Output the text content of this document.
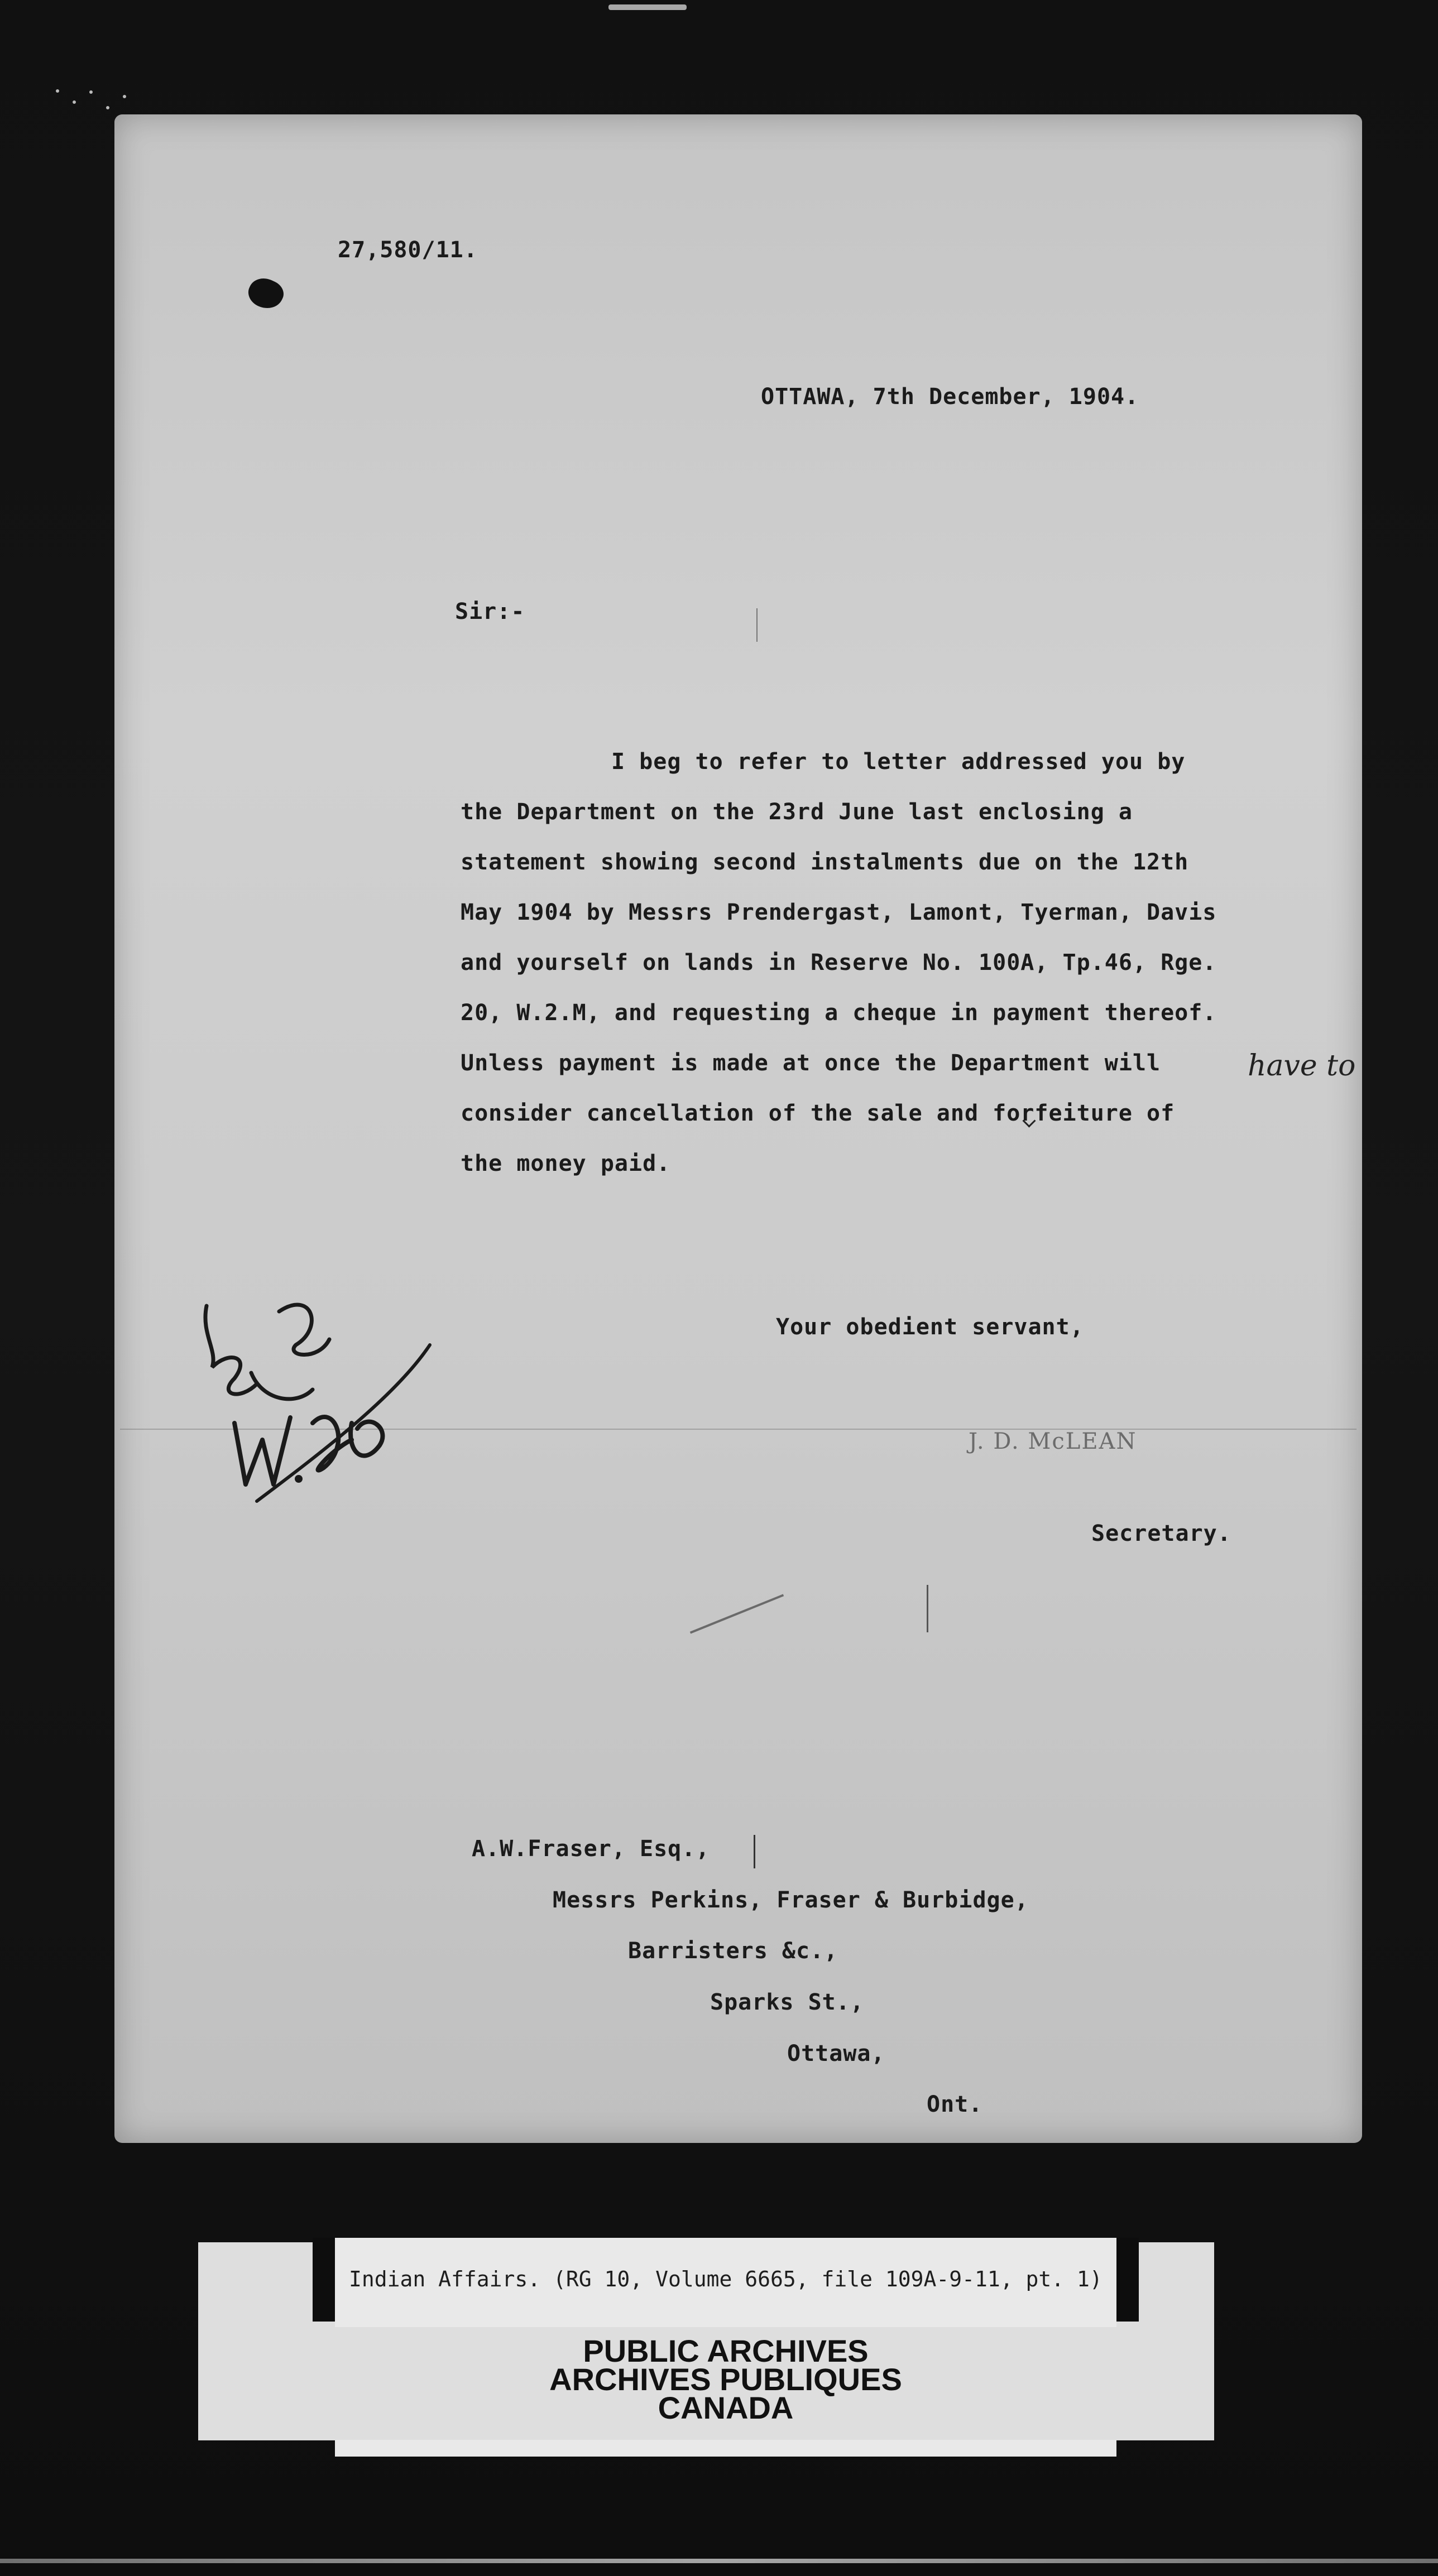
27,580/11.
OTTAWA, 7th December, 1904.
Sir:-
I beg to refer to letter addressed you by
the Department on the 23rd June last enclosing a
statement showing second instalments due on the 12th
May 1904 by Messrs Prendergast, Lamont, Tyerman, Davis
and yourself on lands in Reserve No. 100A, Tp.46, Rge.
20, W.2.M, and requesting a cheque in payment thereof.
Unless payment is made at once the Department will
consider cancellation of the sale and forfeiture of
the money paid.
have to
Your obedient servant,
J. D. McLEAN
Secretary.
A.W.Fraser, Esq.,
Messrs Perkins, Fraser & Burbidge,
Barristers &c.,
Sparks St.,
Ottawa,
Ont.
Indian Affairs. (RG 10, Volume 6665, file 109A-9-11, pt. 1)
PUBLIC ARCHIVES
ARCHIVES PUBLIQUES
CANADA
